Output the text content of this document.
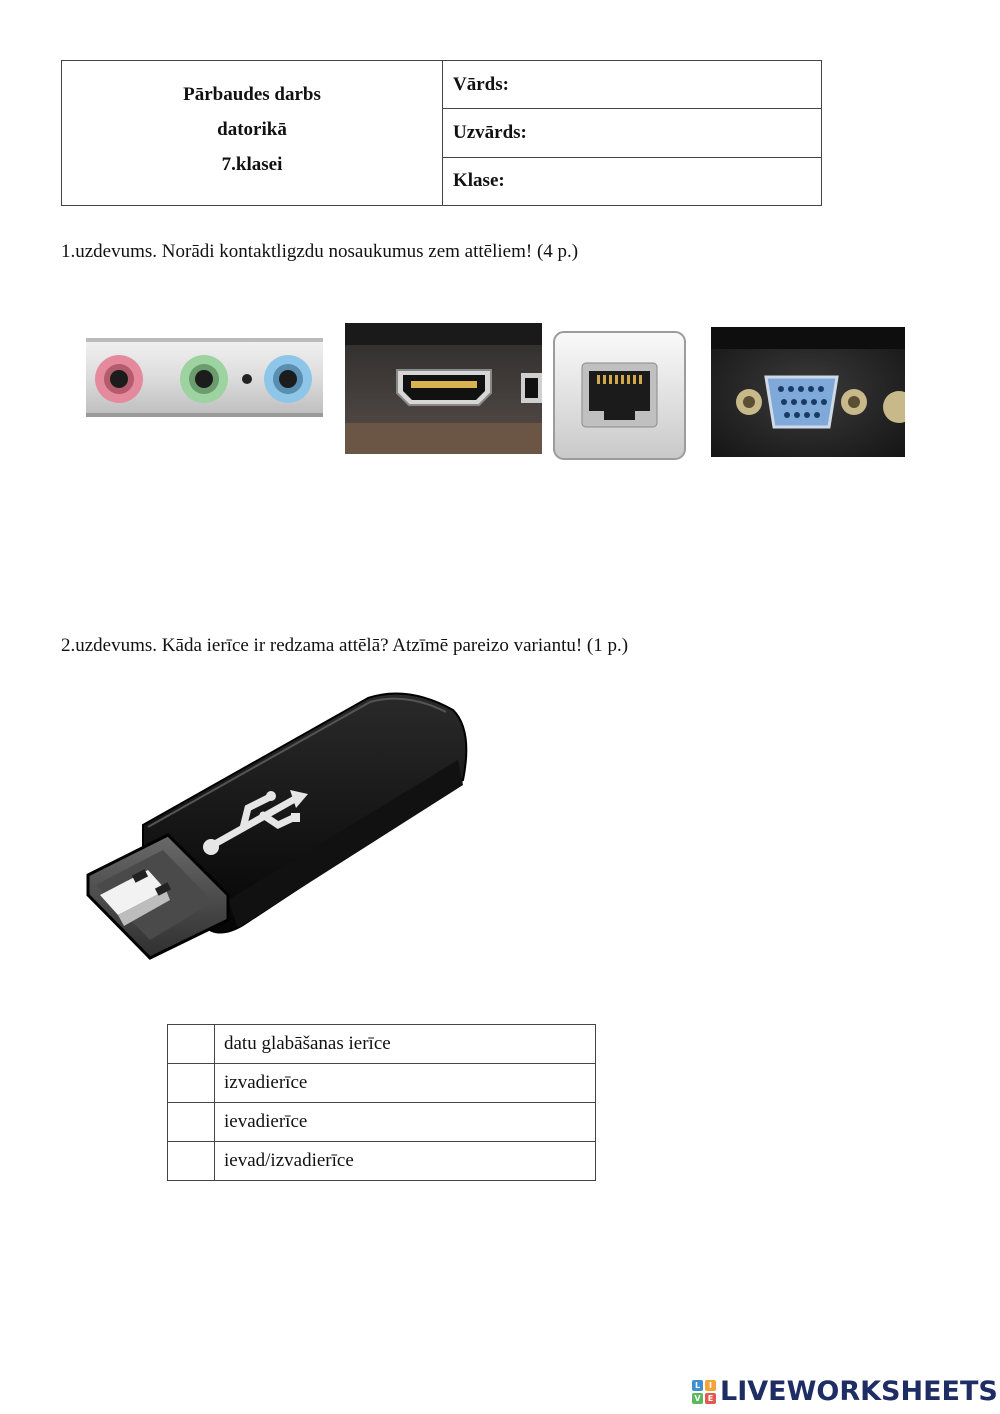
Pārbaudes darbs
datorikā
7.klasei
Vārds:
Uzvārds:
Klase:
1.uzdevums. Norādi kontaktligzdu nosaukumus zem attēliem! (4 p.)
2.uzdevums. Kāda ierīce ir redzama attēlā? Atzīmē pareizo variantu! (1 p.)
datu glabāšanas ierīce
izvadierīce
ievadierīce
ievad/izvadierīce
L	I
V E LIVEWORKSHEETS
